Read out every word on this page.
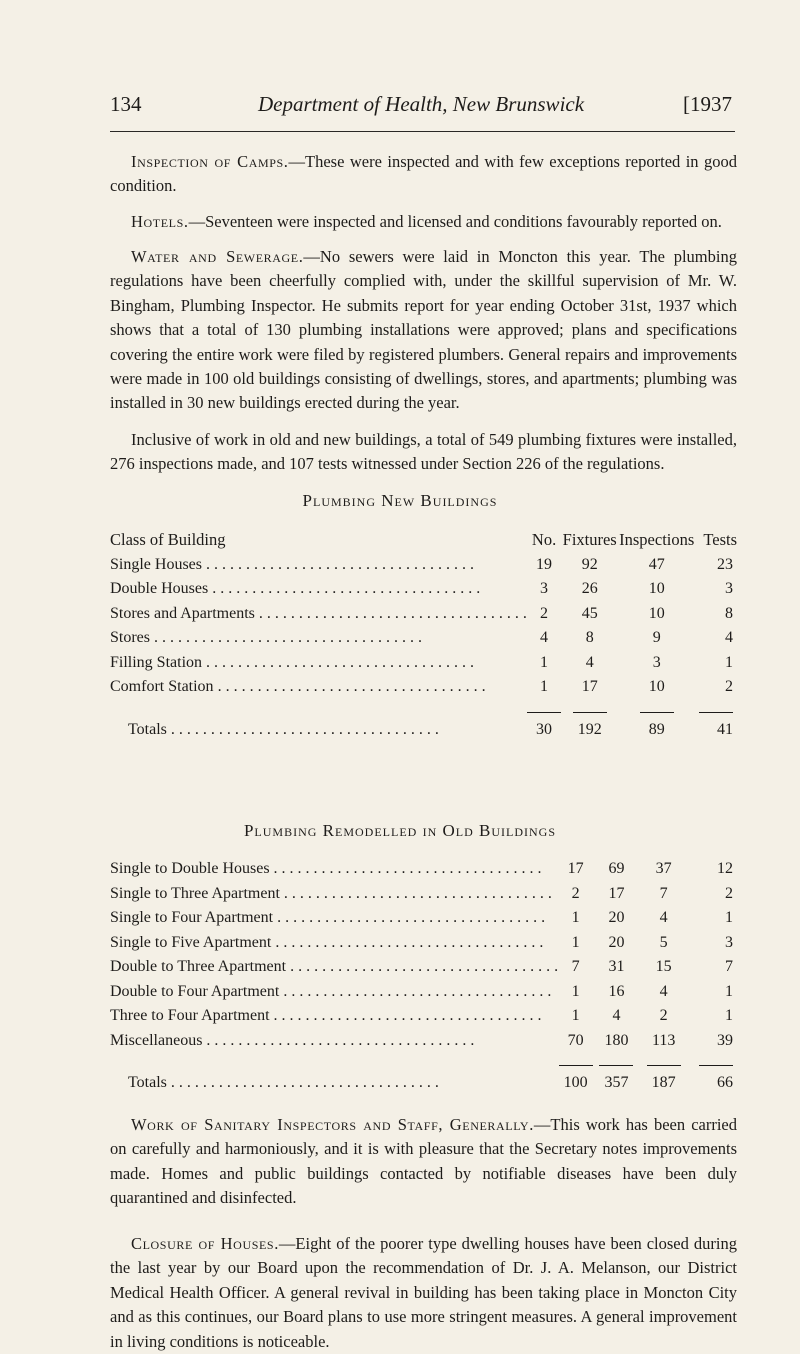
134	Department of Health, New Brunswick	[1937

Inspection of Camps.—These were inspected and with few exceptions reported in good condition.

Hotels.—Seventeen were inspected and licensed and conditions favourably reported on.

Water and Sewerage.—No sewers were laid in Moncton this year. The plumbing regulations have been cheerfully complied with, under the skillful supervision of Mr. W. Bingham, Plumbing Inspector. He submits report for year ending October 31st, 1937 which shows that a total of 130 plumbing installations were approved; plans and specifications covering the entire work were filed by registered plumbers. General repairs and improvements were made in 100 old buildings consisting of dwellings, stores, and apartments; plumbing was installed in 30 new buildings erected during the year.

Inclusive of work in old and new buildings, a total of 549 plumbing fixtures were installed, 276 inspections made, and 107 tests witnessed under Section 226 of the regulations.

Plumbing New Buildings
Class of Building	No.	Fixtures	Inspections	Tests

Single Houses . . . . . . . . . . . . . . . . . . . . . . . . . . . . . . . . . .	19	92	47	23

Double Houses . . . . . . . . . . . . . . . . . . . . . . . . . . . . . . . . . .	3	26	10	3

Stores and Apartments . . . . . . . . . . . . . . . . . . . . . . . . . . . . . . . . . .	2	45	10	8

Stores . . . . . . . . . . . . . . . . . . . . . . . . . . . . . . . . . .	4	8	9	4

Filling Station . . . . . . . . . . . . . . . . . . . . . . . . . . . . . . . . . .	1	4	3	1

Comfort Station . . . . . . . . . . . . . . . . . . . . . . . . . . . . . . . . . .	1	17	10	2

Totals . . . . . . . . . . . . . . . . . . . . . . . . . . . . . . . . . .	30	192	89	41
Plumbing Remodelled in Old Buildings
Single to Double Houses . . . . . . . . . . . . . . . . . . . . . . . . . . . . . . . . . .	17	69	37	12

Single to Three Apartment . . . . . . . . . . . . . . . . . . . . . . . . . . . . . . . . . .	2	17	7	2

Single to Four Apartment . . . . . . . . . . . . . . . . . . . . . . . . . . . . . . . . . .	1	20	4	1

Single to Five Apartment . . . . . . . . . . . . . . . . . . . . . . . . . . . . . . . . . .	1	20	5	3

Double to Three Apartment . . . . . . . . . . . . . . . . . . . . . . . . . . . . . . . . . .	7	31	15	7

Double to Four Apartment . . . . . . . . . . . . . . . . . . . . . . . . . . . . . . . . . .	1	16	4	1

Three to Four Apartment . . . . . . . . . . . . . . . . . . . . . . . . . . . . . . . . . .	1	4	2	1

Miscellaneous . . . . . . . . . . . . . . . . . . . . . . . . . . . . . . . . . .	70	180	113	39

Totals . . . . . . . . . . . . . . . . . . . . . . . . . . . . . . . . . .	100	357	187	66

Work of Sanitary Inspectors and Staff, Generally.—This work has been carried on carefully and harmoniously, and it is with pleasure that the Secretary notes improvements made. Homes and public buildings contacted by notifiable diseases have been duly quarantined and disinfected.

Closure of Houses.—Eight of the poorer type dwelling houses have been closed during the last year by our Board upon the recommendation of Dr. J. A. Melanson, our District Medical Health Officer. A general revival in building has been taking place in Moncton City and as this continues, our Board plans to use more stringent measures. A general improvement in living conditions is noticeable.
